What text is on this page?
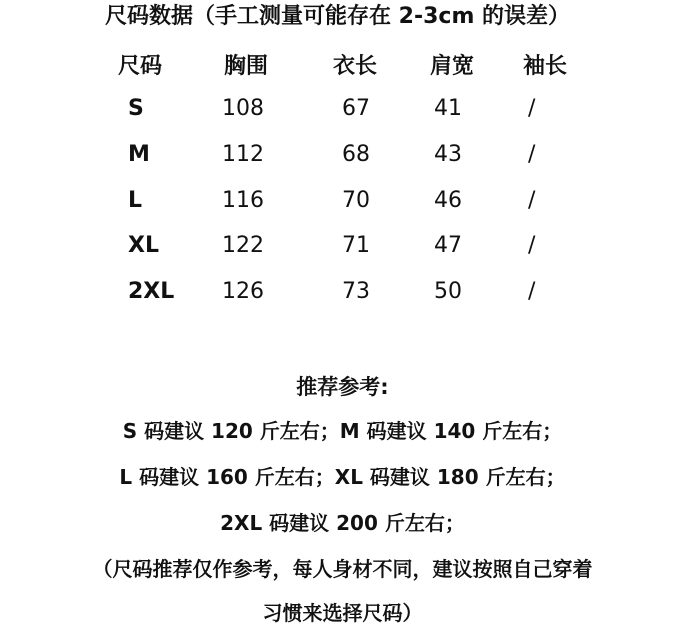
尺码数据（手工测量可能存在 2-3cm 的误差）
尺码	胸围	衣长 肩宽 袖长
S	108	67	41	/
M	112	68	43	/
L	116	70	46	/
XL	122	71	47	/
2XL 126	73	50	/
推荐参考:
S 码建议 120 斤左右；M 码建议 140 斤左右；
L 码建议 160 斤左右；XL 码建议 180 斤左右；
2XL 码建议 200 斤左右；
（尺码推荐仅作参考，每人身材不同，建议按照自己穿着
习惯来选择尺码）
